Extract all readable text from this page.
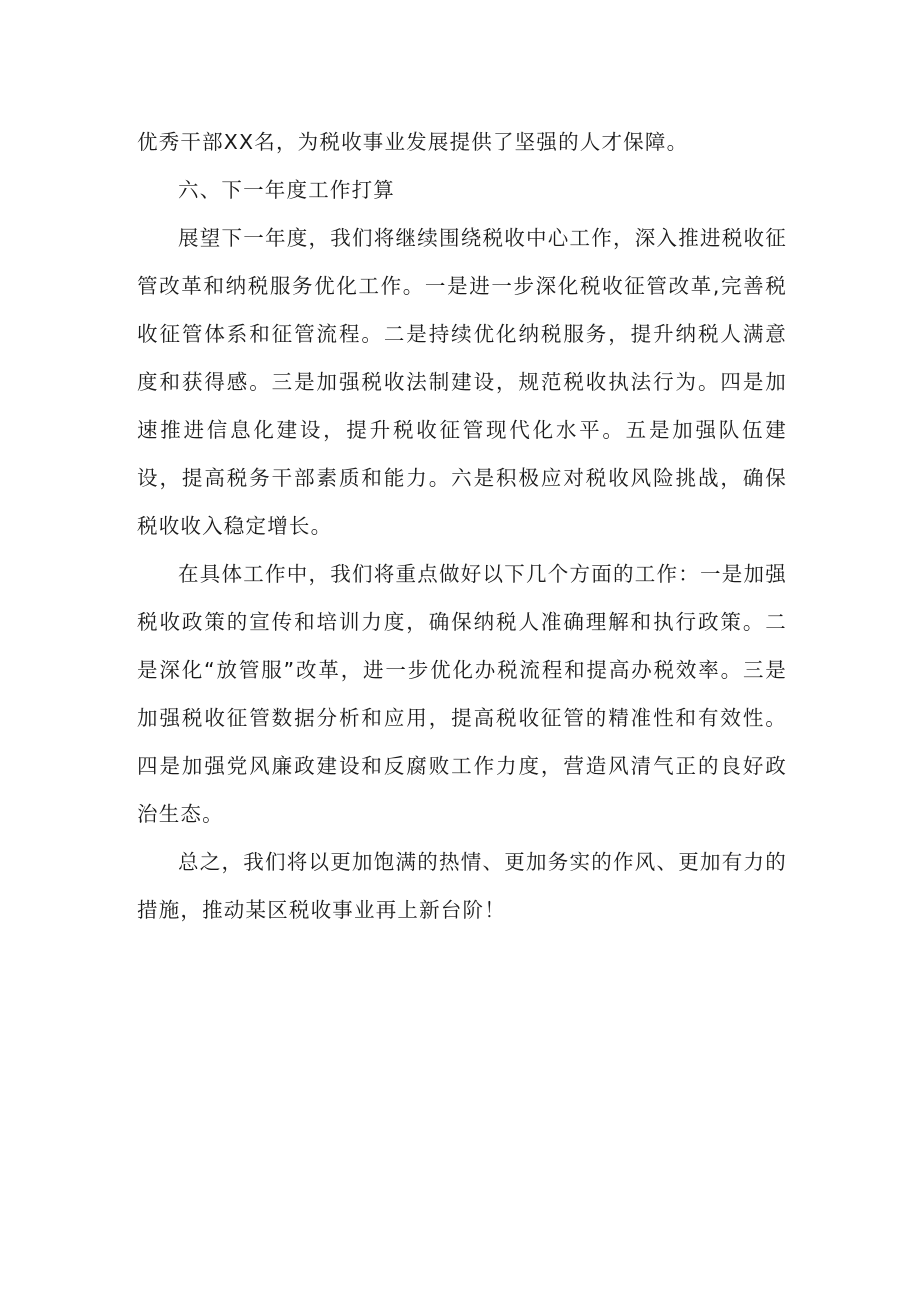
优秀干部XX名，为税收事业发展提供了坚强的人才保障。

六、下一年度工作打算

展望下一年度，我们将继续围绕税收中心工作，深入推进税收征管改革和纳税服务优化工作。一是进一步深化税收征管改革,完善税收征管体系和征管流程。二是持续优化纳税服务，提升纳税人满意度和获得感。三是加强税收法制建设，规范税收执法行为。四是加速推进信息化建设，提升税收征管现代化水平。五是加强队伍建设，提高税务干部素质和能力。六是积极应对税收风险挑战，确保税收收入稳定增长。

在具体工作中，我们将重点做好以下几个方面的工作：一是加强税收政策的宣传和培训力度，确保纳税人准确理解和执行政策。二是深化“放管服”改革，进一步优化办税流程和提高办税效率。三是加强税收征管数据分析和应用，提高税收征管的精准性和有效性。四是加强党风廉政建设和反腐败工作力度，营造风清气正的良好政治生态。

总之，我们将以更加饱满的热情、更加务实的作风、更加有力的措施，推动某区税收事业再上新台阶！
